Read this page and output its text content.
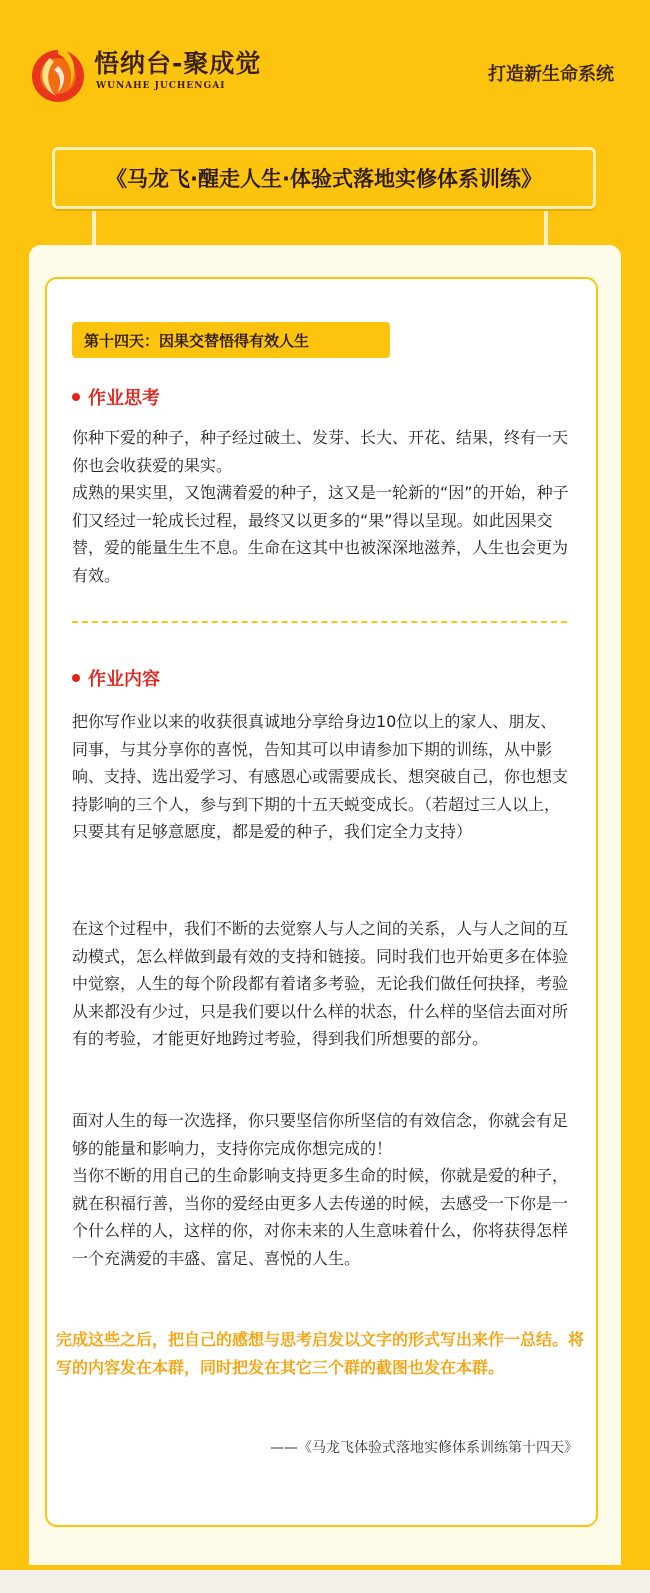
悟纳台-聚成觉
WUNAHE JUCHENGAI
打造新生命系统
《马龙飞·醒走人生·体验式落地实修体系训练》
第十四天：因果交替悟得有效人生
作业思考

你种下爱的种子，种子经过破土、发芽、长大、开花、结果，终有一天你也会收获爱的果实。

成熟的果实里，又饱满着爱的种子，这又是一轮新的“因”的开始，种子们又经过一轮成长过程，最终又以更多的“果”得以呈现。如此因果交替，爱的能量生生不息。生命在这其中也被深深地滋养，人生也会更为有效。

作业内容

把你写作业以来的收获很真诚地分享给身边10位以上的家人、朋友、同事，与其分享你的喜悦，告知其可以申请参加下期的训练，从中影响、支持、选出爱学习、有感恩心或需要成长、想突破自己，你也想支持影响的三个人，参与到下期的十五天蜕变成长。（若超过三人以上，只要其有足够意愿度，都是爱的种子，我们定全力支持）

在这个过程中，我们不断的去觉察人与人之间的关系，人与人之间的互动模式，怎么样做到最有效的支持和链接。同时我们也开始更多在体验中觉察，人生的每个阶段都有着诸多考验，无论我们做任何抉择，考验从来都没有少过，只是我们要以什么样的状态，什么样的坚信去面对所有的考验，才能更好地跨过考验，得到我们所想要的部分。

面对人生的每一次选择，你只要坚信你所坚信的有效信念，你就会有足够的能量和影响力，支持你完成你想完成的！

当你不断的用自己的生命影响支持更多生命的时候，你就是爱的种子，就在积福行善，当你的爱经由更多人去传递的时候，去感受一下你是一个什么样的人，这样的你，对你未来的人生意味着什么，你将获得怎样一个充满爱的丰盛、富足、喜悦的人生。

完成这些之后，把自己的感想与思考启发以文字的形式写出来作一总结。将写的内容发在本群，同时把发在其它三个群的截图也发在本群。

——《马龙飞体验式落地实修体系训练第十四天》
